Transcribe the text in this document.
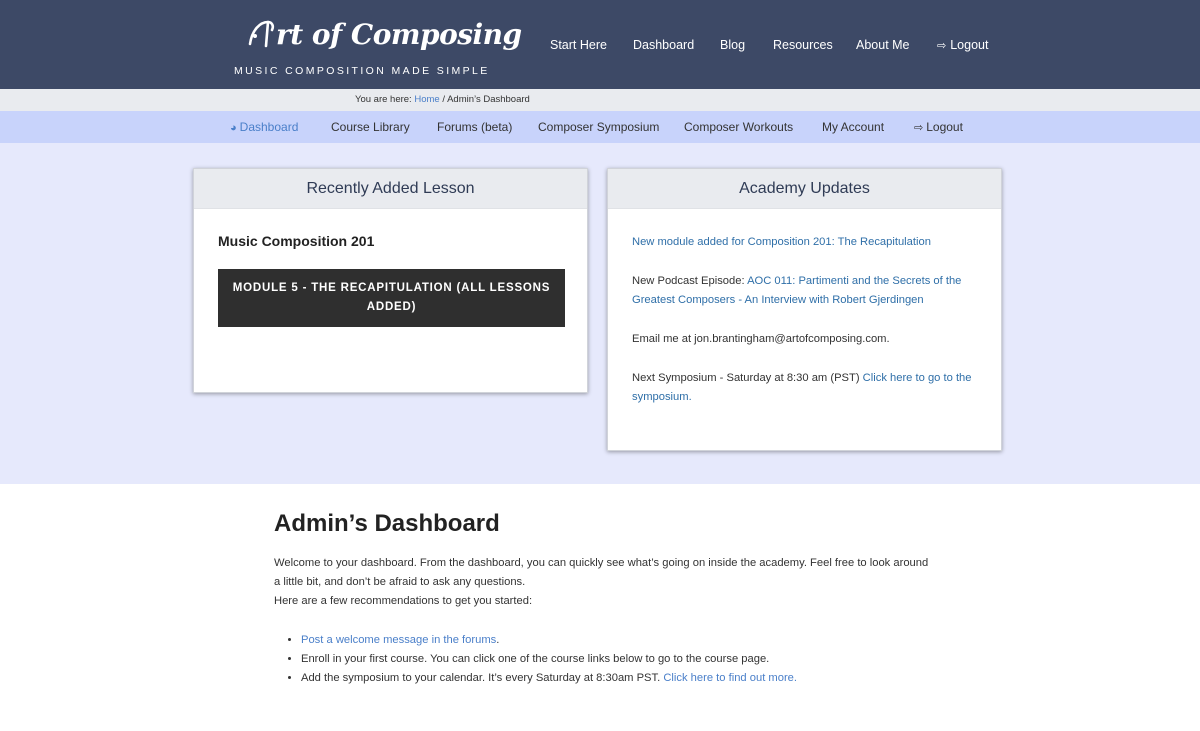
rt of Composing
MUSIC COMPOSITION MADE SIMPLE
Start Here Dashboard Blog Resources About Me ⇨ Logout
You are here: Home / Admin’s Dashboard
◕ Dashboard	Course Library Forums (beta) Composer Symposium Composer Workouts My Account	⇨ Logout
Recently Added Lesson
Music Composition 201
MODULE 5 - THE RECAPITULATION (ALL LESSONS ADDED)
Academy Updates

New module added for Composition 201: The Recapitulation

New Podcast Episode: AOC 011: Partimenti and the Secrets of the Greatest Composers - An Interview with Robert Gjerdingen

Email me at jon.brantingham@artofcomposing.com.

Next Symposium - Saturday at 8:30 am (PST) Click here to go to the symposium.

Admin’s Dashboard

Welcome to your dashboard. From the dashboard, you can quickly see what’s going on inside the academy. Feel free to look around a little bit, and don’t be afraid to ask any questions.

Here are a few recommendations to get you started:

• Post a welcome message in the forums.
• Enroll in your first course. You can click one of the course links below to go to the course page.
• Add the symposium to your calendar. It’s every Saturday at 8:30am PST. Click here to find out more.
